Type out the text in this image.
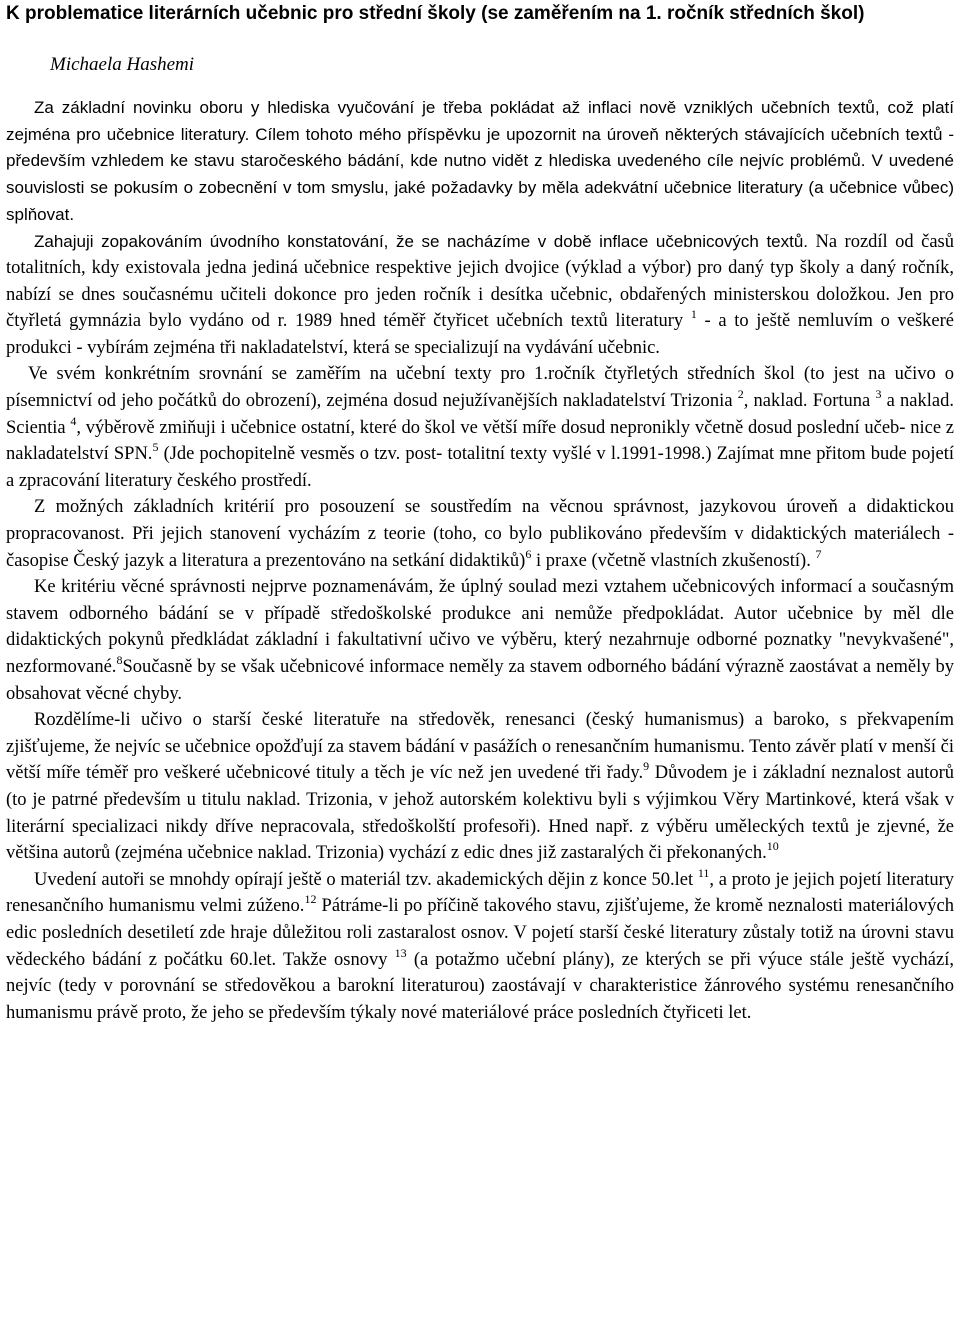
K problematice literárních učebnic pro střední školy (se zaměřením na 1. ročník středních škol)
Michaela Hashemi

Za základní novinku oboru y hlediska vyučování je třeba pokládat až inflaci nově vzniklých učebních textů, což platí zejména pro učebnice literatury. Cílem tohoto mého příspěvku je upozornit na úroveň některých stávajících učebních textů - především vzhledem ke stavu staročeského bádání, kde nutno vidět z hlediska uvedeného cíle nejvíc problémů. V uvedené souvislosti se pokusím o zobecnění v tom smyslu, jaké požadavky by měla adekvátní učebnice literatury (a učebnice vůbec) splňovat.

Zahajuji zopakováním úvodního konstatování, že se nacházíme v době inflace učebnicových textů. Na rozdíl od časů totalitních, kdy existovala jedna jediná učebnice respektive jejich dvojice (výklad a výbor) pro daný typ školy a daný ročník, nabízí se dnes současnému učiteli dokonce pro jeden ročník i desítka učebnic, obdařených ministerskou doložkou. Jen pro čtyřletá gymnázia bylo vydáno od r. 1989 hned téměř čtyřicet učebních textů literatury $^1$ - a to ještě nemluvím o veškeré produkci - vybírám zejména tři nakladatelství, která se specializují na vydávání učebnic.

Ve svém konkrétním srovnání se zaměřím na učební texty pro 1.ročník čtyřletých středních škol (to jest na učivo o písemnictví od jeho počátků do obrození), zejména dosud nejužívanějších nakladatelství Trizonia $^2$, naklad. Fortuna $^3$ a naklad. Scientia $^4$, výběrově zmiňuji i učebnice ostatní, které do škol ve větší míře dosud nepronikly včetně dosud poslední učeb- nice z nakladatelství SPN.$^5$ (Jde pochopitelně vesměs o tzv. post- totalitní texty vyšlé v l.1991-1998.) Zajímat mne přitom bude pojetí a zpracování literatury českého prostředí.

Z možných základních kritérií pro posouzení se soustředím na věcnou správnost, jazykovou úroveň a didaktickou propracovanost. Při jejich stanovení vycházím z teorie (toho, co bylo publikováno především v didaktických materiálech - časopise Český jazyk a literatura a prezentováno na setkání didaktiků)$^6$ i praxe (včetně vlastních zkušeností). $^7$

Ke kritériu věcné správnosti nejprve poznamenávám, že úplný soulad mezi vztahem učebnicových informací a současným stavem odborného bádání se v případě středoškolské produkce ani nemůže předpokládat. Autor učebnice by měl dle didaktických pokynů předkládat základní i fakultativní učivo ve výběru, který nezahrnuje odborné poznatky "nevykvašené", nezformované.$^8$Současně by se však učebnicové informace neměly za stavem odborného bádání výrazně zaostávat a neměly by obsahovat věcné chyby.

Rozdělíme-li učivo o starší české literatuře na středověk, renesanci (český humanismus) a baroko, s překvapením zjišťujeme, že nejvíc se učebnice opožďují za stavem bádání v pasážích o renesančním humanismu. Tento závěr platí v menší či větší míře téměř pro veškeré učebnicové tituly a těch je víc než jen uvedené tři řady.$^9$ Důvodem je i základní neznalost autorů (to je patrné především u titulu naklad. Trizonia, v jehož autorském kolektivu byli s výjimkou Věry Martinkové, která však v literární specializaci nikdy dříve nepracovala, středoškolští profesoři). Hned např. z výběru uměleckých textů je zjevné, že většina autorů (zejména učebnice naklad. Trizonia) vychází z edic dnes již zastaralých či překonaných.$^{10}$

Uvedení autoři se mnohdy opírají ještě o materiál tzv. akademických dějin z konce 50.let $^{11}$, a proto je jejich pojetí literatury renesančního humanismu velmi zúženo.$^{12}$ Pátráme-li po příčině takového stavu, zjišťujeme, že kromě neznalosti materiálových edic posledních desetiletí zde hraje důležitou roli zastaralost osnov. V pojetí starší české literatury zůstaly totiž na úrovni stavu vědeckého bádání z počátku 60.let. Takže osnovy $^{13}$ (a potažmo učební plány), ze kterých se při výuce stále ještě vychází, nejvíc (tedy v porovnání se středověkou a barokní literaturou) zaostávají v charakteristice žánrového systému renesančního humanismu právě proto, že jeho se především týkaly nové materiálové práce posledních čtyřiceti let.
